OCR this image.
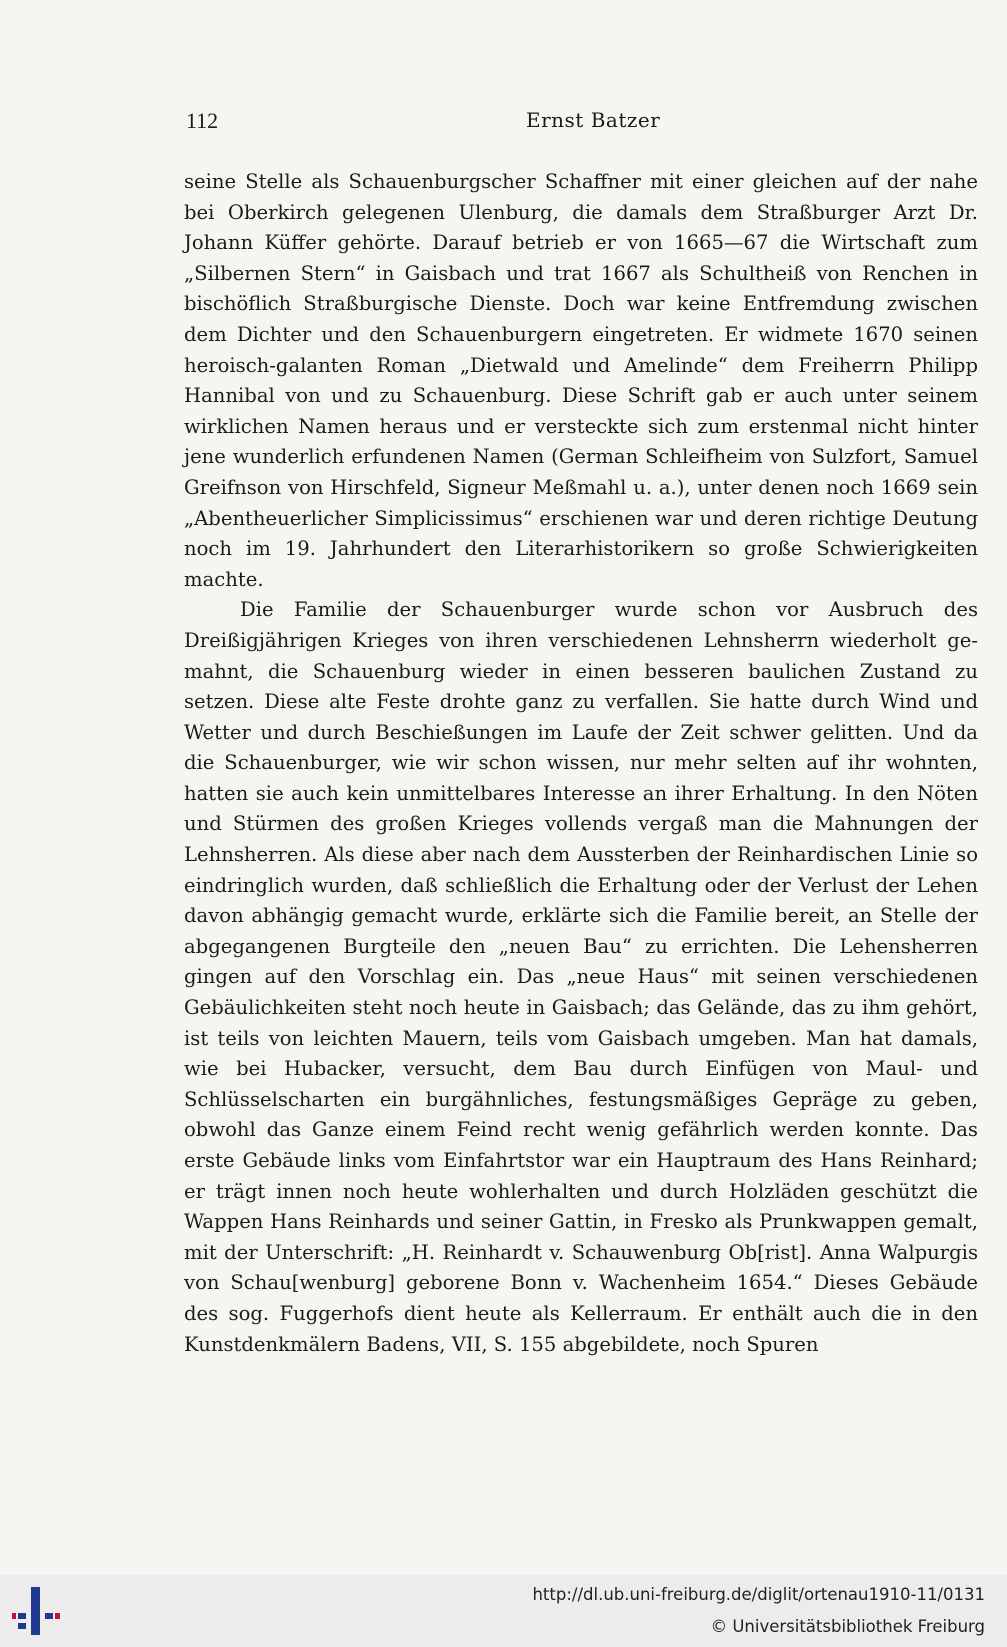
112	Ernst Batzer

seine Stelle als Schauenburgscher Schaffner mit einer gleichen auf der nahe bei Oberkirch gelegenen Ulenburg, die damals dem Straßburger Arzt Dr. Johann Küffer gehörte. Darauf betrieb er von 1665—67 die Wirtschaft zum „Silbernen Stern“ in Gaisbach und trat 1667 als Schultheiß von Renchen in bischöflich Straßburgische Dienste. Doch war keine Entfremdung zwischen dem Dichter und den Schauenburgern eingetreten. Er widmete 1670 seinen heroisch-galanten Roman „Dietwald und Amelinde“ dem Freiherrn Philipp Hannibal von und zu Schauenburg. Diese Schrift gab er auch unter seinem wirklichen Namen heraus und er versteckte sich zum erstenmal nicht hinter jene wunderlich erfundenen Namen (German Schleifheim von Sulzfort, Samuel Greifnson von Hirschfeld, Signeur Meßmahl u. a.), unter denen noch 1669 sein „Abentheuerlicher Simplicissimus“ erschienen war und deren richtige Deutung noch im 19. Jahrhundert den Literarhistorikern so große Schwierigkeiten machte.

Die Familie der Schauenburger wurde schon vor Ausbruch des Dreißigjährigen Krieges von ihren verschiedenen Lehnsherrn wiederholt gemahnt, die Schauenburg wieder in einen besseren baulichen Zustand zu setzen. Diese alte Feste drohte ganz zu verfallen. Sie hatte durch Wind und Wetter und durch Beschießungen im Laufe der Zeit schwer gelitten. Und da die Schauenburger, wie wir schon wissen, nur mehr selten auf ihr wohnten, hatten sie auch kein unmittelbares Interesse an ihrer Erhaltung. In den Nöten und Stürmen des großen Krieges vollends vergaß man die Mahnungen der Lehnsherren. Als diese aber nach dem Aussterben der Reinhardischen Linie so eindringlich wurden, daß schließlich die Erhaltung oder der Verlust der Lehen davon abhängig gemacht wurde, erklärte sich die Familie bereit, an Stelle der abgegangenen Burgteile den „neuen Bau“ zu errichten. Die Lehensherren gingen auf den Vorschlag ein. Das „neue Haus“ mit seinen verschiedenen Gebäulichkeiten steht noch heute in Gaisbach; das Gelände, das zu ihm gehört, ist teils von leichten Mauern, teils vom Gaisbach umgeben. Man hat damals, wie bei Hubacker, versucht, dem Bau durch Einfügen von Maul- und Schlüsselscharten ein burgähnliches, festungsmäßiges Gepräge zu geben, obwohl das Ganze einem Feind recht wenig gefährlich werden konnte. Das erste Gebäude links vom Einfahrtstor war ein Hauptraum des Hans Reinhard; er trägt innen noch heute wohlerhalten und durch Holzläden geschützt die Wappen Hans Reinhards und seiner Gattin, in Fresko als Prunkwappen gemalt, mit der Unterschrift: „H. Reinhardt v. Schauwenburg Ob[rist]. Anna Walpurgis von Schau[wenburg] geborene Bonn v. Wachenheim 1654.“ Dieses Gebäude des sog. Fuggerhofs dient heute als Kellerraum. Er enthält auch die in den Kunstdenkmälern Badens, VII, S. 155 abgebildete, noch Spuren

http://dl.ub.uni-freiburg.de/diglit/ortenau1910-11/0131
© Universitätsbibliothek Freiburg
